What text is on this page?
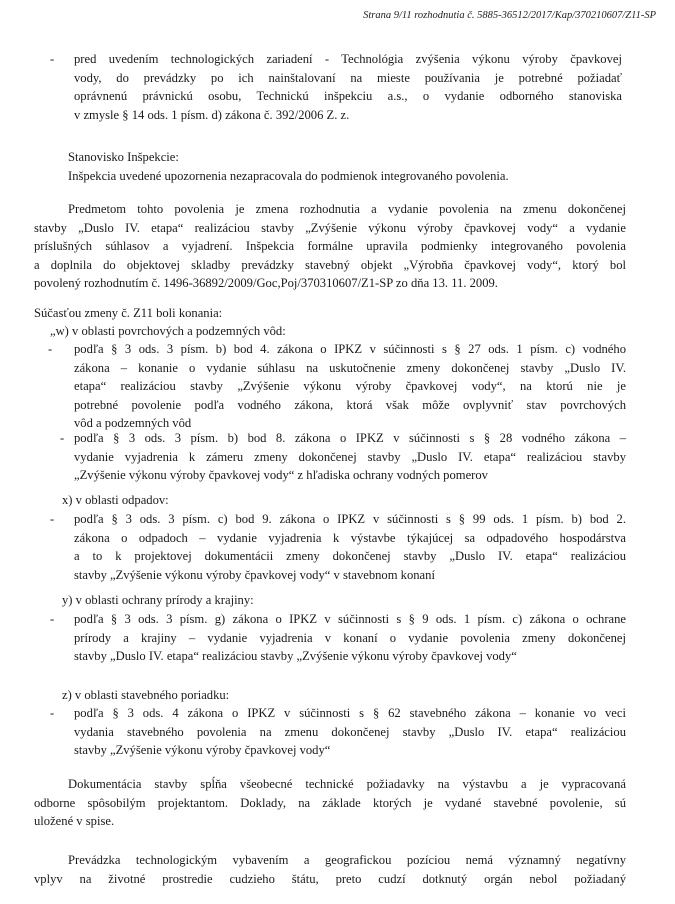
Strana 9/11 rozhodnutia č. 5885-36512/2017/Kap/370210607/Z11-SP
- pred uvedením technologických zariadení - Technológia zvýšenia výkonu výroby čpavkovej
vody, do prevádzky po ich nainštalovaní na mieste používania je potrebné požiadať
oprávnenú právnickú osobu, Technickú inšpekciu a.s., o vydanie odborného stanoviska
v zmysle § 14 ods. 1 písm. d) zákona č. 392/2006 Z. z.
Stanovisko Inšpekcie:
Inšpekcia uvedené upozornenia nezapracovala do podmienok integrovaného povolenia.
Predmetom tohto povolenia je zmena rozhodnutia a vydanie povolenia na zmenu dokončenej
stavby „Duslo IV. etapa“ realizáciou stavby „Zvýšenie výkonu výroby čpavkovej vody“ a vydanie
príslušných súhlasov a vyjadrení. Inšpekcia formálne upravila podmienky integrovaného povolenia
a doplnila do objektovej skladby prevádzky stavebný objekt „Výrobňa čpavkovej vody“, ktorý bol
povolený rozhodnutím č. 1496-36892/2009/Goc,Poj/370310607/Z1-SP zo dňa 13. 11. 2009.
Súčasťou zmeny č. Z11 boli konania:
„w) v oblasti povrchových a podzemných vôd:
- podľa § 3 ods. 3 písm. b) bod 4. zákona o IPKZ v súčinnosti s § 27 ods. 1 písm. c) vodného
zákona – konanie o vydanie súhlasu na uskutočnenie zmeny dokončenej stavby „Duslo IV.
etapa“ realizáciou stavby „Zvýšenie výkonu výroby čpavkovej vody“, na ktorú nie je
potrebné povolenie podľa vodného zákona, ktorá však môže ovplyvniť stav povrchových
vôd a podzemných vôd
- podľa § 3 ods. 3 písm. b) bod 8. zákona o IPKZ v súčinnosti s § 28 vodného zákona –
vydanie vyjadrenia k zámeru zmeny dokončenej stavby „Duslo IV. etapa“ realizáciou stavby
„Zvýšenie výkonu výroby čpavkovej vody“ z hľadiska ochrany vodných pomerov
x) v oblasti odpadov:
- podľa § 3 ods. 3 písm. c) bod 9. zákona o IPKZ v súčinnosti s § 99 ods. 1 písm. b) bod 2.
zákona o odpadoch – vydanie vyjadrenia k výstavbe týkajúcej sa odpadového hospodárstva
a to k projektovej dokumentácii zmeny dokončenej stavby „Duslo IV. etapa“ realizáciou
stavby „Zvýšenie výkonu výroby čpavkovej vody“ v stavebnom konaní
y) v oblasti ochrany prírody a krajiny:
- podľa § 3 ods. 3 písm. g) zákona o IPKZ v súčinnosti s § 9 ods. 1 písm. c) zákona o ochrane
prírody a krajiny – vydanie vyjadrenia v konaní o vydanie povolenia zmeny dokončenej
stavby „Duslo IV. etapa“ realizáciou stavby „Zvýšenie výkonu výroby čpavkovej vody“
z) v oblasti stavebného poriadku:
- podľa § 3 ods. 4 zákona o IPKZ v súčinnosti s § 62 stavebného zákona – konanie vo veci
vydania stavebného povolenia na zmenu dokončenej stavby „Duslo IV. etapa“ realizáciou
stavby „Zvýšenie výkonu výroby čpavkovej vody“
Dokumentácia stavby spĺňa všeobecné technické požiadavky na výstavbu a je vypracovaná
odborne spôsobilým projektantom. Doklady, na základe ktorých je vydané stavebné povolenie, sú
uložené v spise.
Prevádzka technologickým vybavením a geografickou pozíciou nemá významný negatívny
vplyv na životné prostredie cudzieho štátu, preto cudzí dotknutý orgán nebol požiadaný
